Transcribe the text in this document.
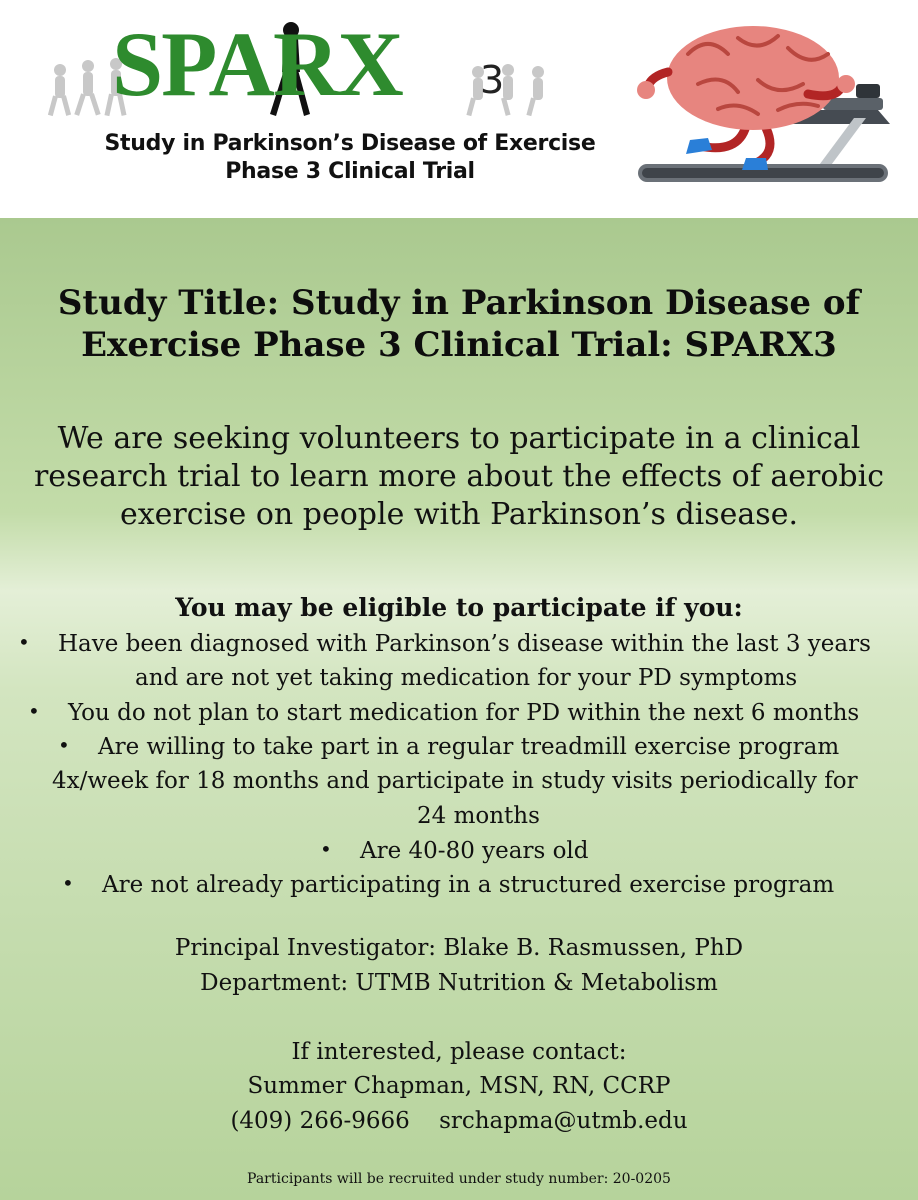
SPARX 3
Study in Parkinson’s Disease of Exercise
Phase 3 Clinical Trial
Study Title: Study in Parkinson Disease of
Exercise Phase 3 Clinical Trial: SPARX3
We are seeking volunteers to participate in a clinical
research trial to learn more about the effects of aerobic
exercise on people with Parkinson’s disease.
You may be eligible to participate if you:
• Have been diagnosed with Parkinson’s disease within the last 3 years
and are not yet taking medication for your PD symptoms
• You do not plan to start medication for PD within the next 6 months
• Are willing to take part in a regular treadmill exercise program
4x/week for 18 months and participate in study visits periodically for
24 months
• Are 40-80 years old
• Are not already participating in a structured exercise program
Principal Investigator: Blake B. Rasmussen, PhD
Department: UTMB Nutrition & Metabolism
If interested, please contact:
Summer Chapman, MSN, RN, CCRP
(409) 266-9666 srchapma@utmb.edu
Participants will be recruited under study number: 20-0205
